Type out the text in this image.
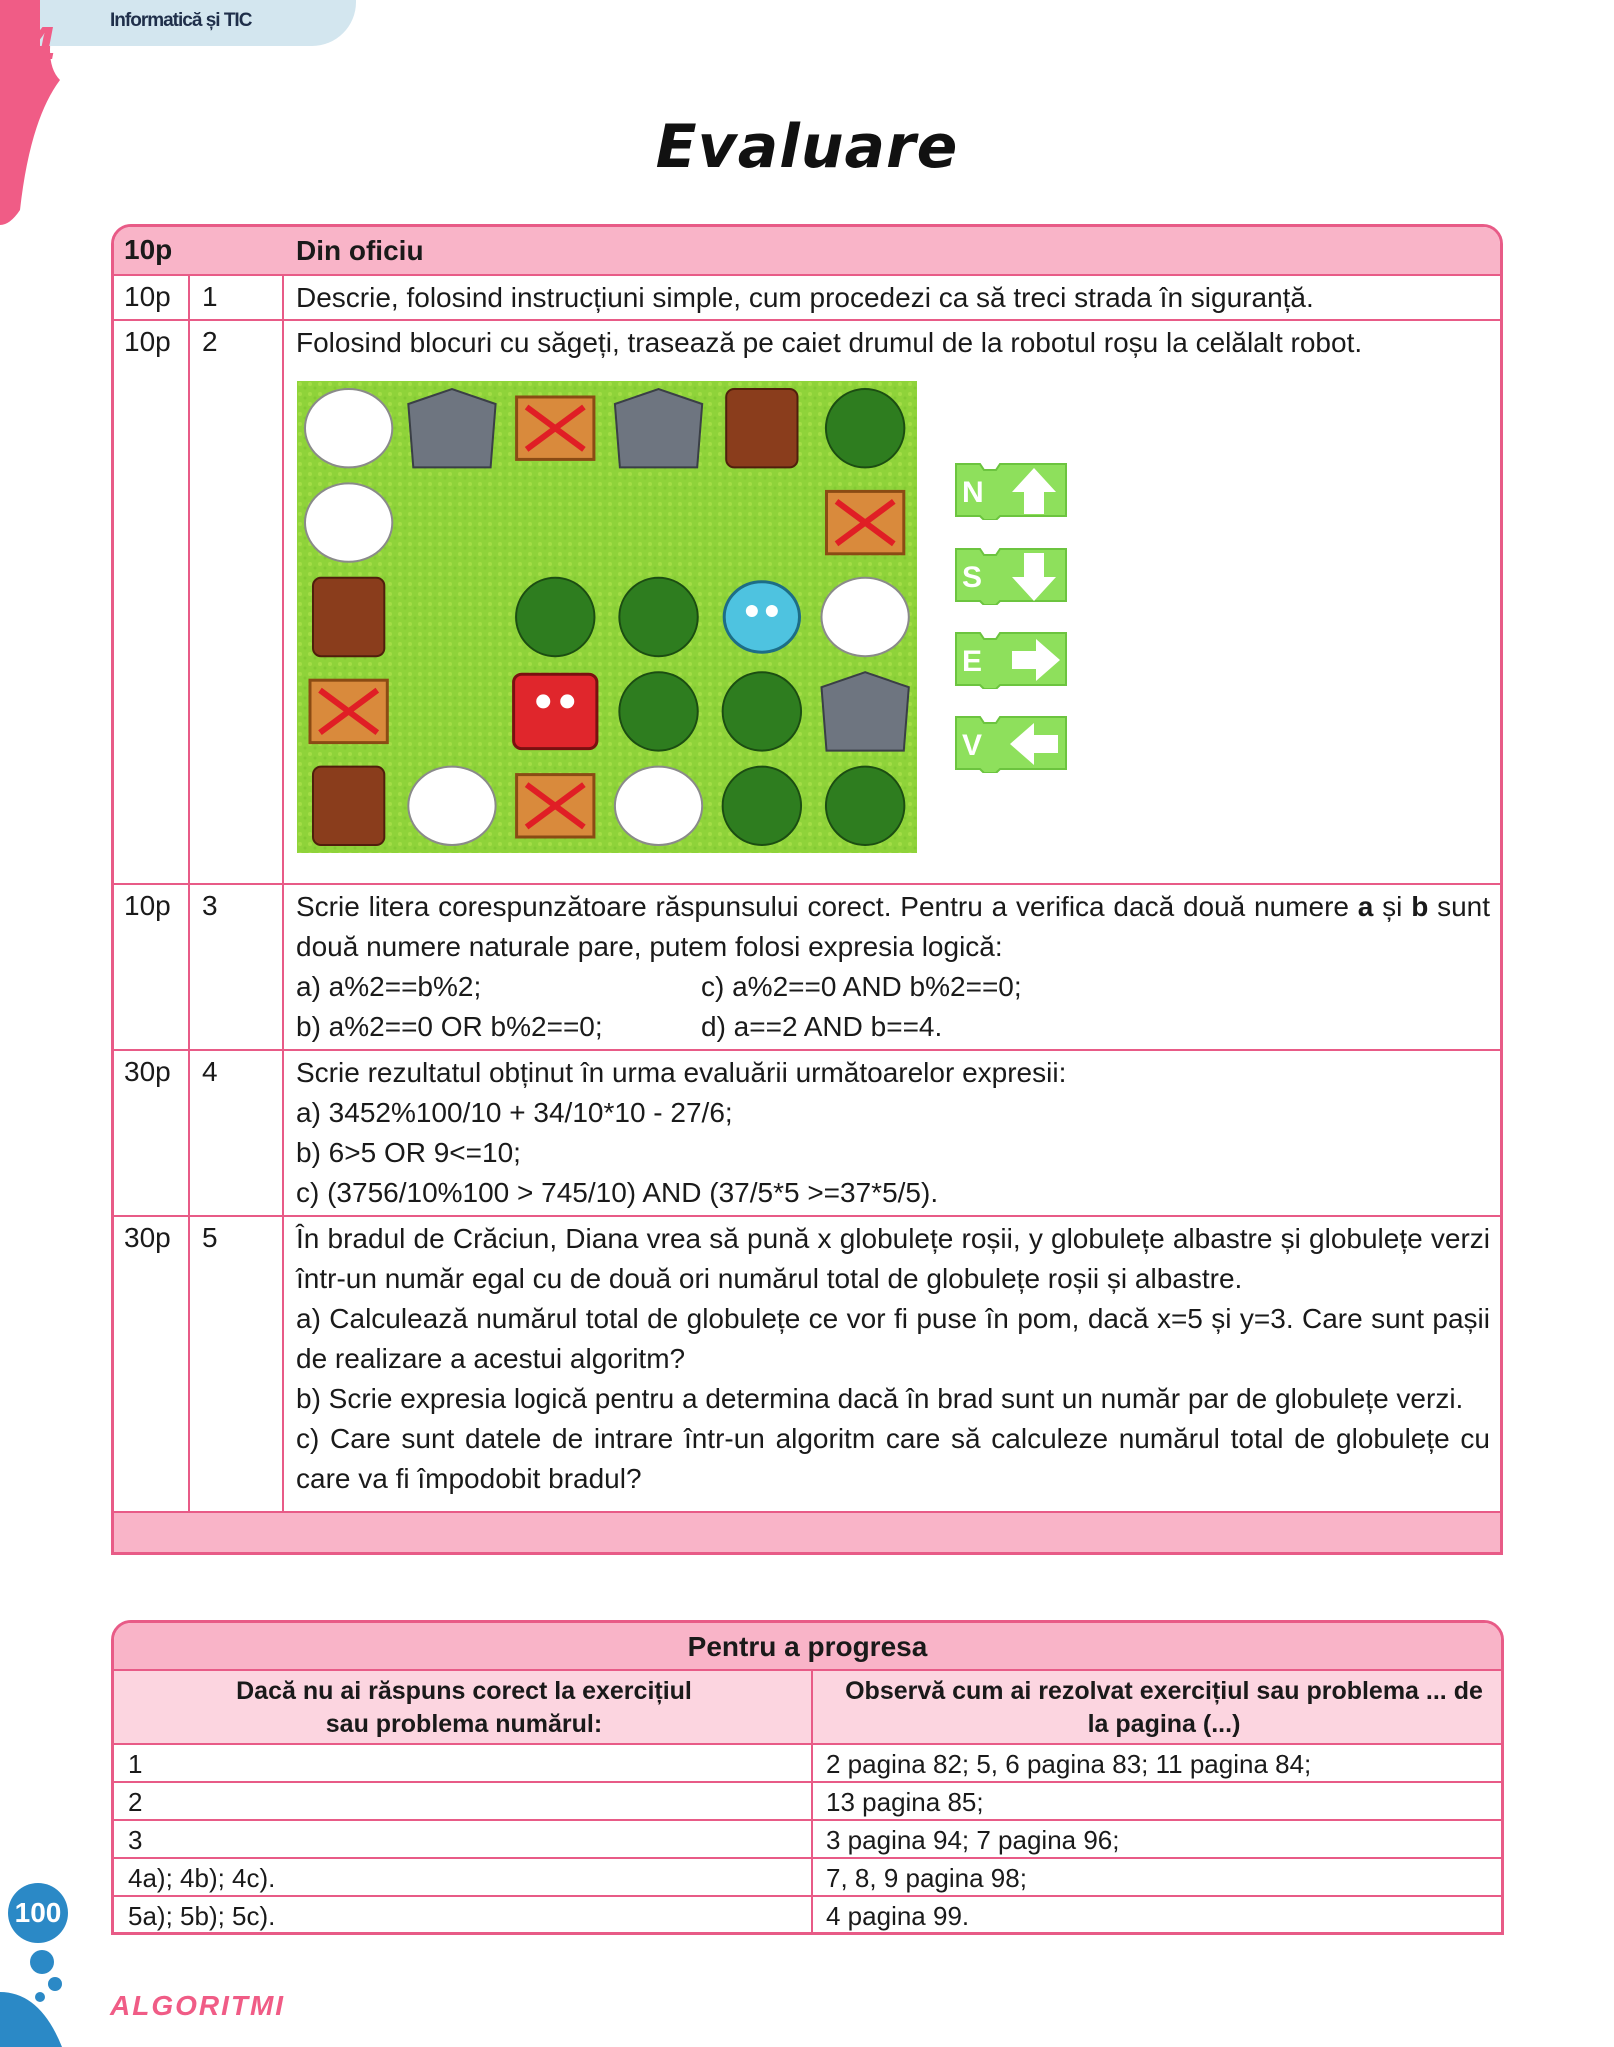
4	Informatică și TIC
Evaluare
10p	Din oficiu
10p 1	Descrie, folosind instrucțiuni simple, cum procedezi ca să treci strada în siguranță.
10p 2	Folosind blocuri cu săgeți, trasează pe caiet drumul de la robotul roșu la celălalt robot.
N
S
E
V
10p 3	Scrie litera corespunzătoare răspunsului corect. Pentru a verifica dacă două numere a și b sunt două numere naturale pare, putem folosi expresia logică:
a) a%2==b%2;	c) a%2==0 AND b%2==0;
b) a%2==0 OR b%2==0;	d) a==2 AND b==4.
30p 4	Scrie rezultatul obținut în urma evaluării următoarelor expresii:
a) 3452%100/10 + 34/10*10 - 27/6;
b) 6>5 OR 9<=10;
c) (3756/10%100 > 745/10) AND (37/5*5 >=37*5/5).
30p 5	În bradul de Crăciun, Diana vrea să pună x globulețe roșii, y globulețe albastre și globulețe verzi într-un număr egal cu de două ori numărul total de globulețe roșii și albastre.
a) Calculează numărul total de globulețe ce vor fi puse în pom, dacă x=5 și y=3. Care sunt pașii de realizare a acestui algoritm?
b) Scrie expresia logică pentru a determina dacă în brad sunt un număr par de globulețe verzi.
c) Care sunt datele de intrare într-un algoritm care să calculeze numărul total de globulețe cu care va fi împodobit bradul?
Pentru a progresa
Dacă nu ai răspuns corect la exercițiul sau problema numărul:
Observă cum ai rezolvat exercițiul sau problema ... de la pagina (...)
1	2 pagina 82; 5, 6 pagina 83; 11 pagina 84;
2	13 pagina 85;
3	3 pagina 94; 7 pagina 96;
4a); 4b); 4c).	7, 8, 9 pagina 98;
5a); 5b); 5c).	4 pagina 99.
100
ALGORITMI
